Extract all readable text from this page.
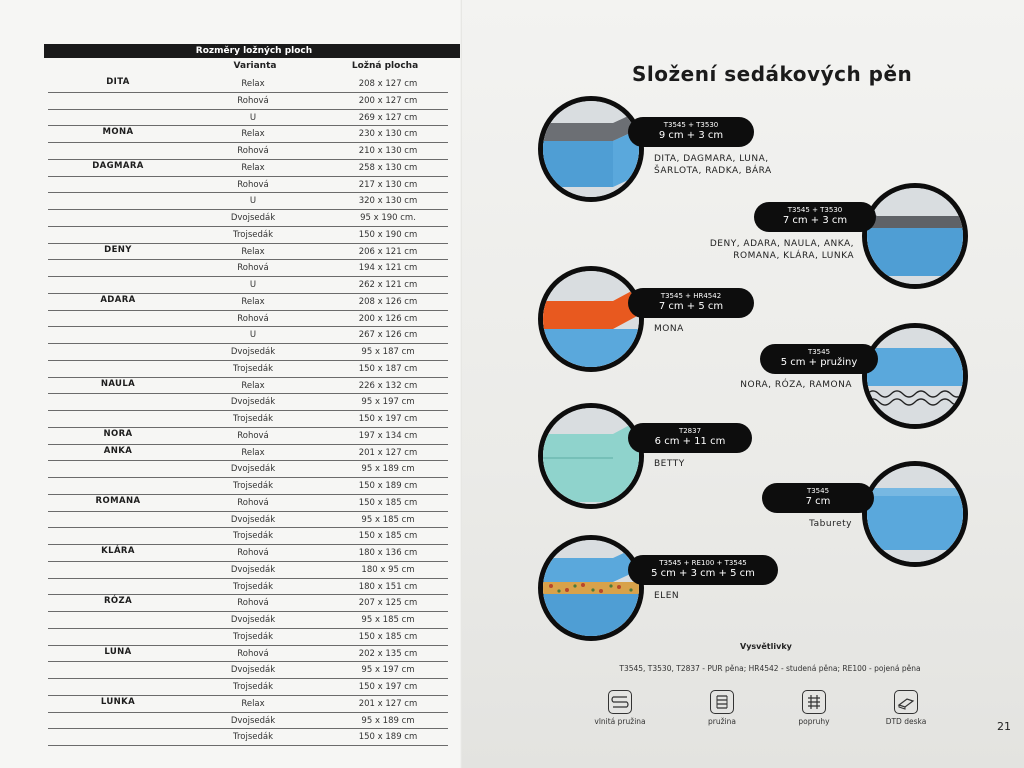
Rozměry ložných ploch
Varianta	Ložná plocha
DITA	Relax	208 x 127 cm
Rohová	200 x 127 cm
U	269 x 127 cm
MONA	Relax	230 x 130 cm
Rohová	210 x 130 cm
DAGMARA	Relax	258 x 130 cm
Rohová	217 x 130 cm
U	320 x 130 cm
Dvojsedák	95 x 190 cm.
Trojsedák	150 x 190 cm
DENY	Relax	206 x 121 cm
Rohová	194 x 121 cm
U	262 x 121 cm
ADARA	Relax	208 x 126 cm
Rohová	200 x 126 cm
U	267 x 126 cm
Dvojsedák	95 x 187 cm
Trojsedák	150 x 187 cm
NAULA	Relax	226 x 132 cm
Dvojsedák	95 x 197 cm
Trojsedák	150 x 197 cm
NORA	Rohová	197 x 134 cm
ANKA	Relax	201 x 127 cm
Dvojsedák	95 x 189 cm
Trojsedák	150 x 189 cm
ROMANA	Rohová	150 x 185 cm
Dvojsedák	95 x 185 cm
Trojsedák	150 x 185 cm
KLÁRA	Rohová	180 x 136 cm
Dvojsedák	180 x 95 cm
Trojsedák	180 x 151 cm
RÓZA	Rohová	207 x 125 cm
Dvojsedák	95 x 185 cm
Trojsedák	150 x 185 cm
LUNA	Rohová	202 x 135 cm
Dvojsedák	95 x 197 cm
Trojsedák	150 x 197 cm
LUNKA	Relax	201 x 127 cm
Dvojsedák	95 x 189 cm
Trojsedák	150 x 189 cm
Složení sedákových pěn
T3545 + T3530
9 cm + 3 cm
DITA, DAGMARA, LUNA,
ŠARLOTA, RADKA, BÁRA
T3545 + T3530
7 cm + 3 cm
DENY, ADARA, NAULA, ANKA,
ROMANA, KLÁRA, LUNKA
T3545 + HR4542
7 cm + 5 cm
MONA
T3545
5 cm + pružiny
NORA, RÓZA, RAMONA
T2837
6 cm + 11 cm
BETTY
T3545
7 cm
Taburety
T3545 + RE100 + T3545
5 cm + 3 cm + 5 cm
ELEN
Vysvětlivky
T3545, T3530, T2837 - PUR pěna; HR4542 - studená pěna; RE100 - pojená pěna
vlnitá pružina	pružina	popruhy	DTD deska	21
